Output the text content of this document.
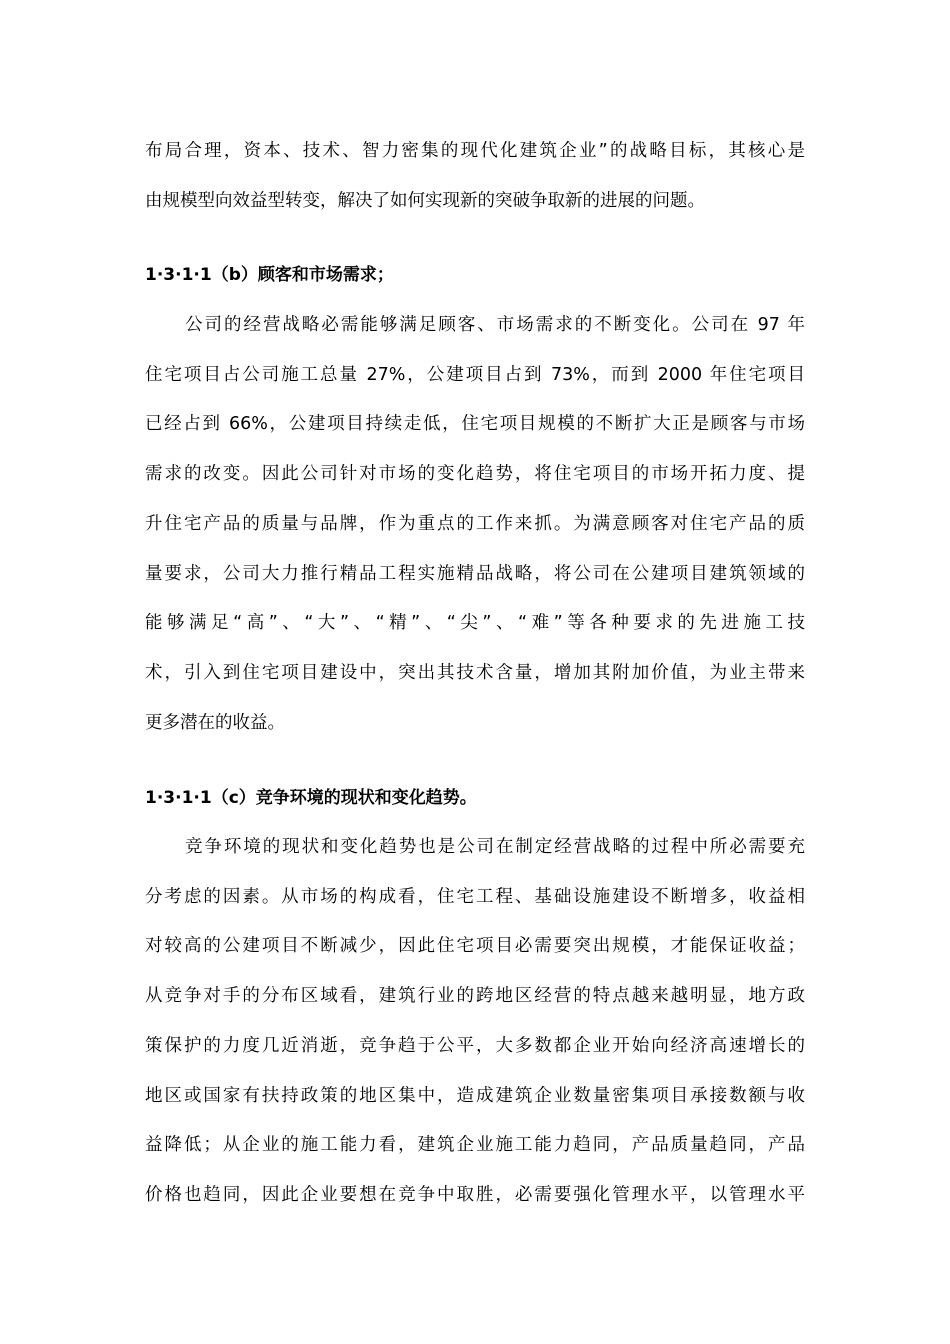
布局合理，资本、技术、智力密集的现代化建筑企业”的战略目标，其核心是
由规模型向效益型转变，解决了如何实现新的突破争取新的进展的问题。
1·3·1·1（b）顾客和市场需求；
公司的经营战略必需能够满足顾客、市场需求的不断变化。公司在 97 年
住宅项目占公司施工总量 27%，公建项目占到 73%，而到 2000 年住宅项目
已经占到 66%，公建项目持续走低，住宅项目规模的不断扩大正是顾客与市场
需求的改变。因此公司针对市场的变化趋势，将住宅项目的市场开拓力度、提
升住宅产品的质量与品牌，作为重点的工作来抓。为满意顾客对住宅产品的质
量要求，公司大力推行精品工程实施精品战略，将公司在公建项目建筑领域的
能够满足“高”、“大”、“精”、“尖”、“难”等各种要求的先进施工技
术，引入到住宅项目建设中，突出其技术含量，增加其附加价值，为业主带来
更多潜在的收益。
1·3·1·1（c）竞争环境的现状和变化趋势。
竞争环境的现状和变化趋势也是公司在制定经营战略的过程中所必需要充
分考虑的因素。从市场的构成看，住宅工程、基础设施建设不断增多，收益相
对较高的公建项目不断减少，因此住宅项目必需要突出规模，才能保证收益；
从竞争对手的分布区域看，建筑行业的跨地区经营的特点越来越明显，地方政
策保护的力度几近消逝，竞争趋于公平，大多数都企业开始向经济高速增长的
地区或国家有扶持政策的地区集中，造成建筑企业数量密集项目承接数额与收
益降低；从企业的施工能力看，建筑企业施工能力趋同，产品质量趋同，产品
价格也趋同，因此企业要想在竞争中取胜，必需要强化管理水平，以管理水平
